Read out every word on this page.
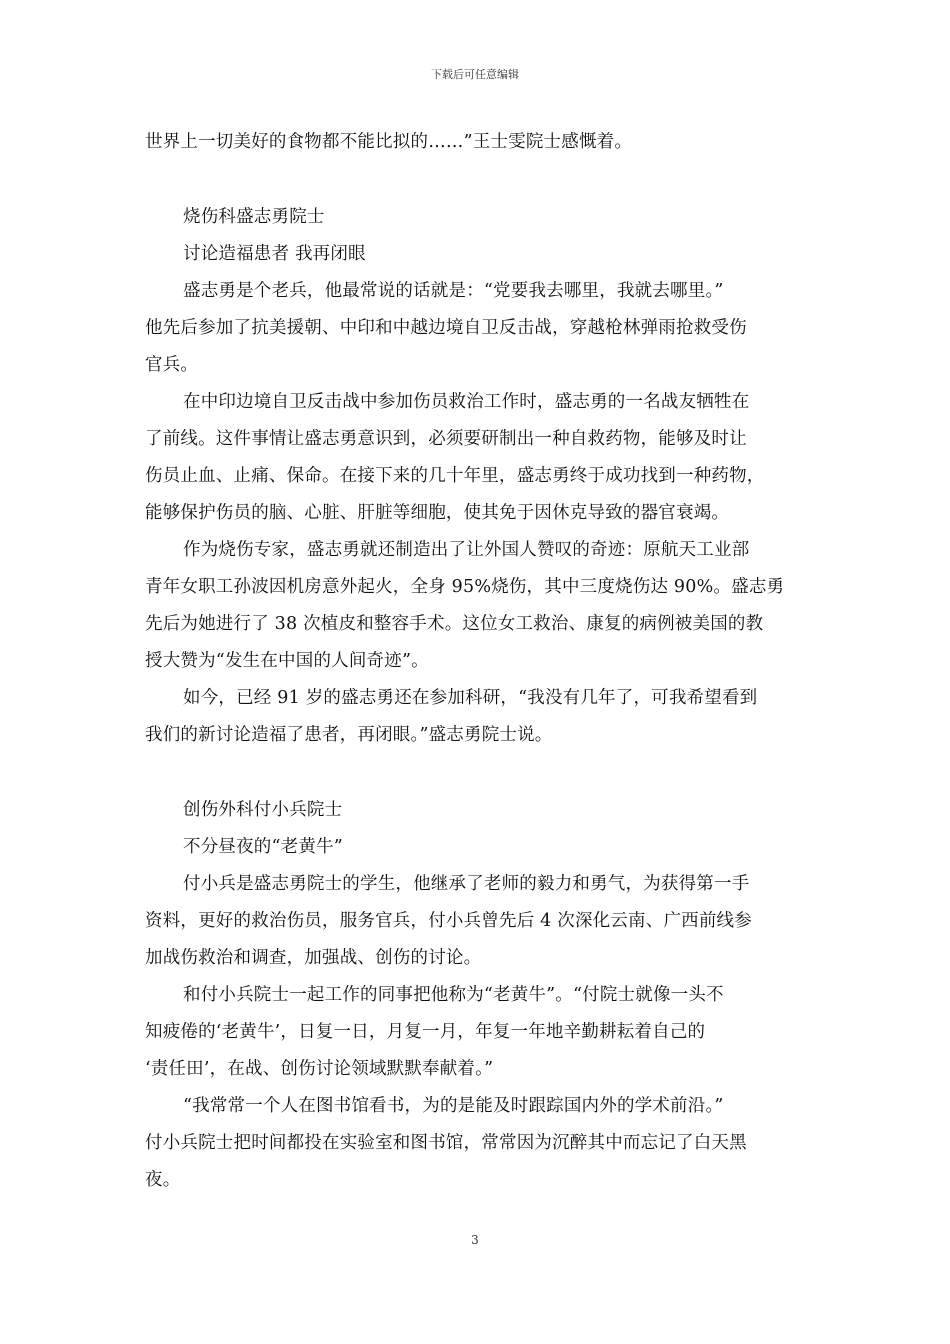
下载后可任意编辑
世界上一切美好的食物都不能比拟的……”王士雯院士感慨着。
烧伤科盛志勇院士
讨论造福患者 我再闭眼
盛志勇是个老兵，他最常说的话就是：“党要我去哪里，我就去哪里。”
他先后参加了抗美援朝、中印和中越边境自卫反击战，穿越枪林弹雨抢救受伤
官兵。
在中印边境自卫反击战中参加伤员救治工作时，盛志勇的一名战友牺牲在
了前线。这件事情让盛志勇意识到，必须要研制出一种自救药物，能够及时让
伤员止血、止痛、保命。在接下来的几十年里，盛志勇终于成功找到一种药物，
能够保护伤员的脑、心脏、肝脏等细胞，使其免于因休克导致的器官衰竭。
作为烧伤专家，盛志勇就还制造出了让外国人赞叹的奇迹：原航天工业部
青年女职工孙波因机房意外起火，全身 95%烧伤，其中三度烧伤达 90%。盛志勇
先后为她进行了 38 次植皮和整容手术。这位女工救治、康复的病例被美国的教
授大赞为“发生在中国的人间奇迹”。
如今，已经 91 岁的盛志勇还在参加科研，“我没有几年了，可我希望看到
我们的新讨论造福了患者，再闭眼。”盛志勇院士说。
创伤外科付小兵院士
不分昼夜的“老黄牛”
付小兵是盛志勇院士的学生，他继承了老师的毅力和勇气，为获得第一手
资料，更好的救治伤员，服务官兵，付小兵曾先后 4 次深化云南、广西前线参
加战伤救治和调查，加强战、创伤的讨论。
和付小兵院士一起工作的同事把他称为“老黄牛”。“付院士就像一头不
知疲倦的‘老黄牛’，日复一日，月复一月，年复一年地辛勤耕耘着自己的
‘责任田’，在战、创伤讨论领域默默奉献着。”
“我常常一个人在图书馆看书，为的是能及时跟踪国内外的学术前沿。”
付小兵院士把时间都投在实验室和图书馆，常常因为沉醉其中而忘记了白天黑
夜。
3
